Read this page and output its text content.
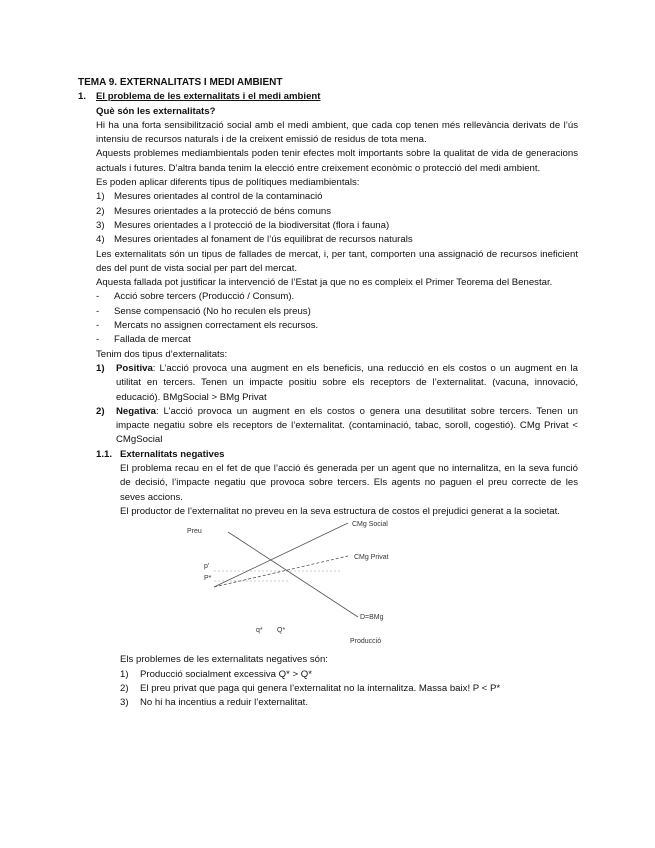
TEMA 9. EXTERNALITATS I MEDI AMBIENT
1.	El problema de les externalitats i el medi ambient
Què són les externalitats?
Hi ha una forta sensibilització social amb el medi ambient, que cada cop tenen més rellevància derivats de l’ús intensiu de recursos naturals i de la creixent emissió de residus de tota mena.
Aquests problemes mediambientals poden tenir efectes molt importants sobre la qualitat de vida de generacions actuals i futures. D’altra banda tenim la elecció entre creixement econòmic o protecció del medi ambient.
Es poden aplicar diferents tipus de polítiques mediambientals:
1) Mesures orientades al control de la contaminació
2) Mesures orientades a la protecció de béns comuns
3) Mesures orientades a l protecció de la biodiversitat (flora i fauna)
4) Mesures orientades al fonament de l’ús equilibrat de recursos naturals
Les externalitats són un tipus de fallades de mercat, i, per tant, comporten una assignació de recursos ineficient des del punt de vista social per part del mercat.
Aquesta fallada pot justificar la intervenció de l’Estat ja que no es compleix el Primer Teorema del Benestar.
-	Acció sobre tercers (Producció / Consum).
-	Sense compensació (No ho reculen els preus)
-	Mercats no assignen correctament els recursos.
-	Fallada de mercat
Tenim dos tipus d’externalitats:
1)	Positiva: L’acció provoca una augment en els beneficis, una reducció en els costos o un augment en la utilitat en tercers. Tenen un impacte positiu sobre els receptors de l’externalitat. (vacuna, innovació, educació). BMgSocial > BMg Privat
2)	Negativa: L’acció provoca un augment en els costos o genera una desutilitat sobre tercers. Tenen un impacte negatiu sobre els receptors de l’externalitat. (contaminació, tabac, soroll, cogestió). CMg Privat < CMgSocial
1.1. Externalitats negatives
El problema recau en el fet de que l’acció és generada per un agent que no internalitza, en la seva funció de decisió, l’impacte negatiu que provoca sobre tercers. Els agents no paguen el preu correcte de les seves accions.
El productor de l’externalitat no preveu en la seva estructura de costos el prejudici generat a la societat.
Preu
CMg Social
CMg Privat
D=BMg
p'
P*
q* Q*
Producció
Els problemes de les externalitats negatives són:
1)	Producció socialment excessiva Q* > Q*
2)	El preu privat que paga qui genera l’externalitat no la internalitza. Massa baix! P < P*
3)	No hi ha incentius a reduir l’externalitat.
